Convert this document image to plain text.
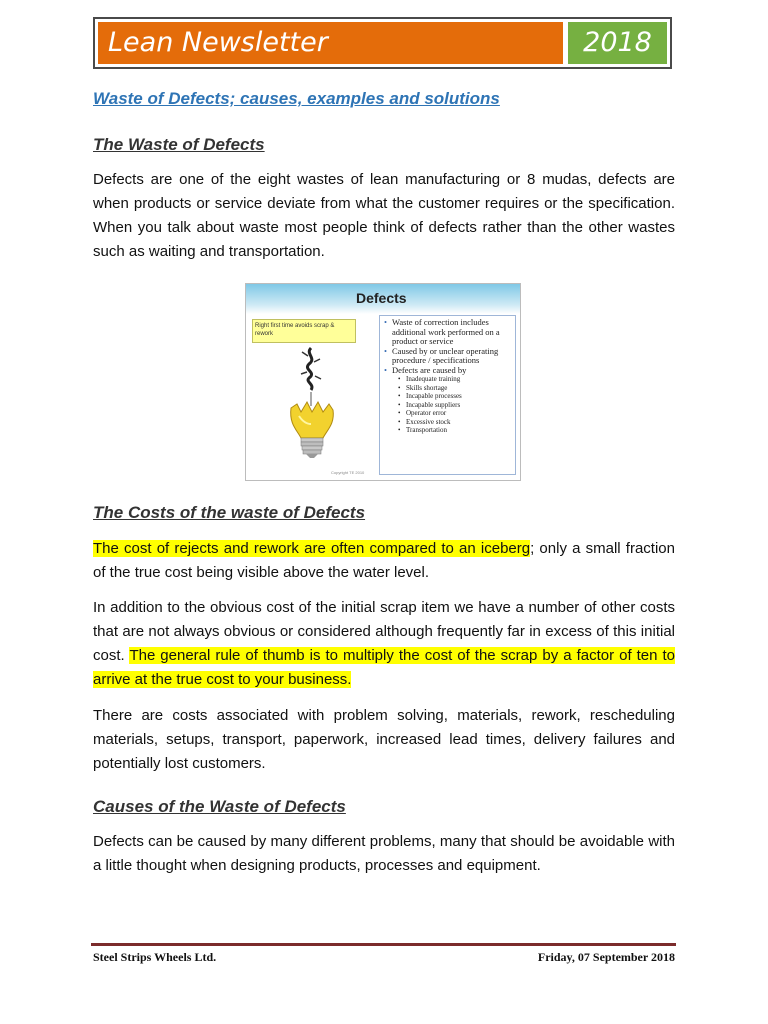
Lean Newsletter	2018
Waste of Defects; causes, examples and solutions
The Waste of Defects

Defects are one of the eight wastes of lean manufacturing or 8 mudas, defects are when products or service deviate from what the customer requires or the specification. When you talk about waste most people think of defects rather than the other wastes such as waiting and transportation.

Defects
Right first time avoids scrap & rework
• Waste of correction includes additional work performed on a product or service
• Caused by or unclear operating procedure / specifications
• Defects are caused by
• Inadequate training
• Skills shortage
• Incapable processes
• Incapable suppliers
• Operator error
• Excessive stock
• Transportation
Copyright TE 2010
The Costs of the waste of Defects

The cost of rejects and rework are often compared to an iceberg; only a small fraction of the true cost being visible above the water level.

In addition to the obvious cost of the initial scrap item we have a number of other costs that are not always obvious or considered although frequently far in excess of this initial cost. The general rule of thumb is to multiply the cost of the scrap by a factor of ten to arrive at the true cost to your business.

There are costs associated with problem solving, materials, rework, rescheduling materials, setups, transport, paperwork, increased lead times, delivery failures and potentially lost customers.

Causes of the Waste of Defects

Defects can be caused by many different problems, many that should be avoidable with a little thought when designing products, processes and equipment.

Steel Strips Wheels Ltd.	Friday, 07 September 2018
